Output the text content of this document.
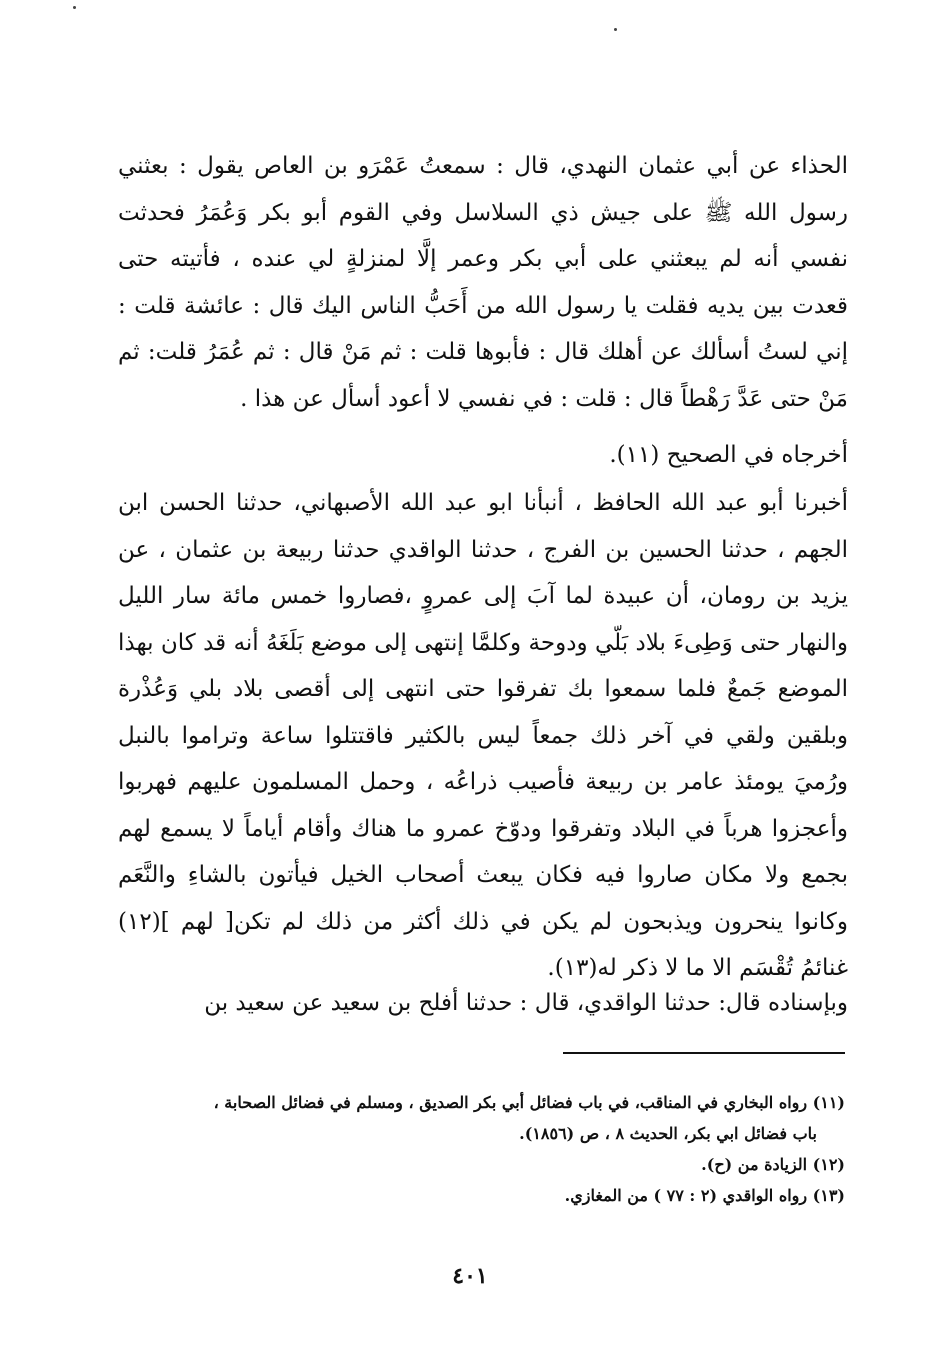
الحذاء عن أبي عثمان النهدي، قال : سمعتُ عَمْرَو بن العاص يقول : بعثني رسول الله ﷺ على جيش ذي السلاسل وفي القوم أبو بكر وَعُمَرُ فحدثت نفسي أنه لم يبعثني على أبي بكر وعمر إلَّا لمنزلةٍ لي عنده ، فأتيته حتى قعدت بين يديه فقلت يا رسول الله من أَحَبُّ الناس اليك قال : عائشة قلت : إني لستُ أسألك عن أهلك قال : فأبوها قلت : ثم مَنْ قال : ثم عُمَرُ قلت: ثم مَنْ حتى عَدَّ رَهْطاً قال : قلت : في نفسي لا أعود أسأل عن هذا .

أخرجاه في الصحيح (١١).

أخبرنا أبو عبد الله الحافظ ، أنبأنا ابو عبد الله الأصبهاني، حدثنا الحسن ابن الجهم ، حدثنا الحسين بن الفرج ، حدثنا الواقدي حدثنا ربيعة بن عثمان ، عن يزيد بن رومان، أن عبيدة لما آبَ إلى عمروٍ ،فصاروا خمس مائة سار الليل والنهار حتى وَطِىءَ بلاد بَلّي ودوحة وكلمَّا إنتهى إلى موضع بَلَغَهُ أنه قد كان بهذا الموضع جَمعٌ فلما سمعوا بك تفرقوا حتى انتهى إلى أقصى بلاد بلي وَعُذْرة وبلقين ولقي في آخر ذلك جمعاً ليس بالكثير فاقتتلوا ساعة وتراموا بالنبل ورُميَ يومئذ عامر بن ربيعة فأصيب ذراعُه ، وحمل المسلمون عليهم فهربوا وأعجزوا هرباً في البلاد وتفرقوا ودوّخ عمرو ما هناك وأقام أياماً لا يسمع لهم بجمع ولا مكان صاروا فيه فكان يبعث أصحاب الخيل فيأتون بالشاءِ والنَّعَم وكانوا ينحرون ويذبحون لم يكن في ذلك أكثر من ذلك لم تكن[ لهم ](١٢) غنائمُ تُقْسَم الا ما لا ذكر له(١٣).

وبإسناده قال: حدثنا الواقدي، قال : حدثنا أفلح بن سعيد عن سعيد بن

(١١) رواه البخاري في المناقب، في باب فضائل أبي بكر الصديق ، ومسلم في فضائل الصحابة ،

باب فضائل ابي بكر، الحديث ٨ ، ص (١٨٥٦).

(١٢) الزيادة من (ح).

(١٣) رواه الواقدي (٢ : ٧٧ ) من المغازي.

٤٠١
